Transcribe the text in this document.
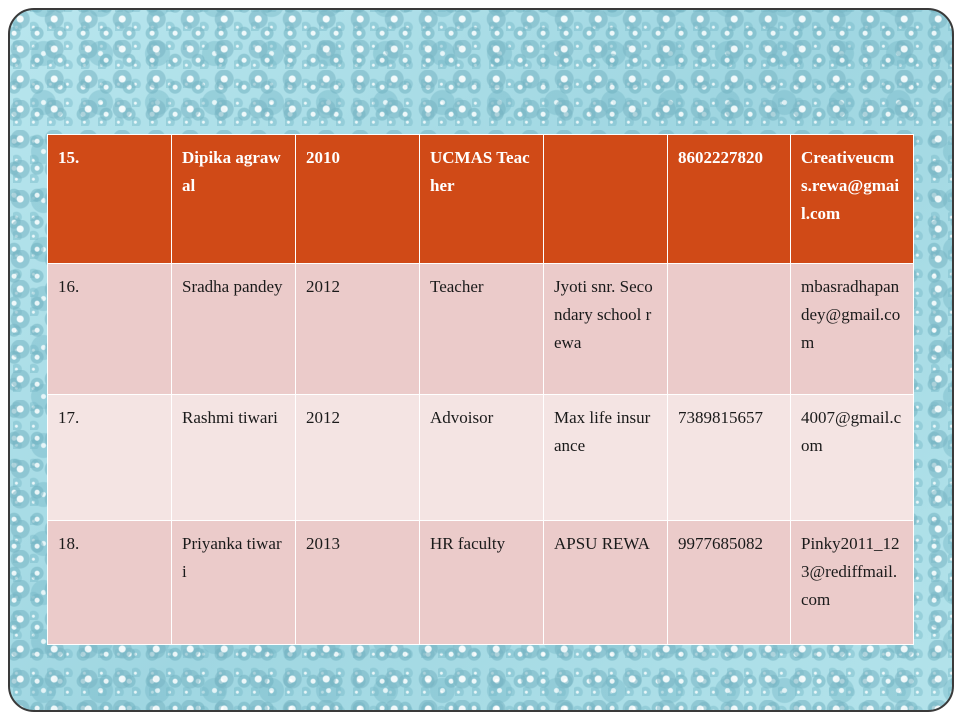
15.	Dipika agrawal	2010	UCMAS Teacher		8602227820	Creativeucms.rewa@gmail.com
16.	Sradha pandey	2012	Teacher	Jyoti snr. Secondary school rewa		mbasradhapandey@gmail.com
17.	Rashmi tiwari	2012	Advoisor	Max life insurance	7389815657	4007@gmail.com
18.	Priyanka tiwari	2013	HR faculty	APSU REWA	9977685082	Pinky2011_123@rediffmail.com
